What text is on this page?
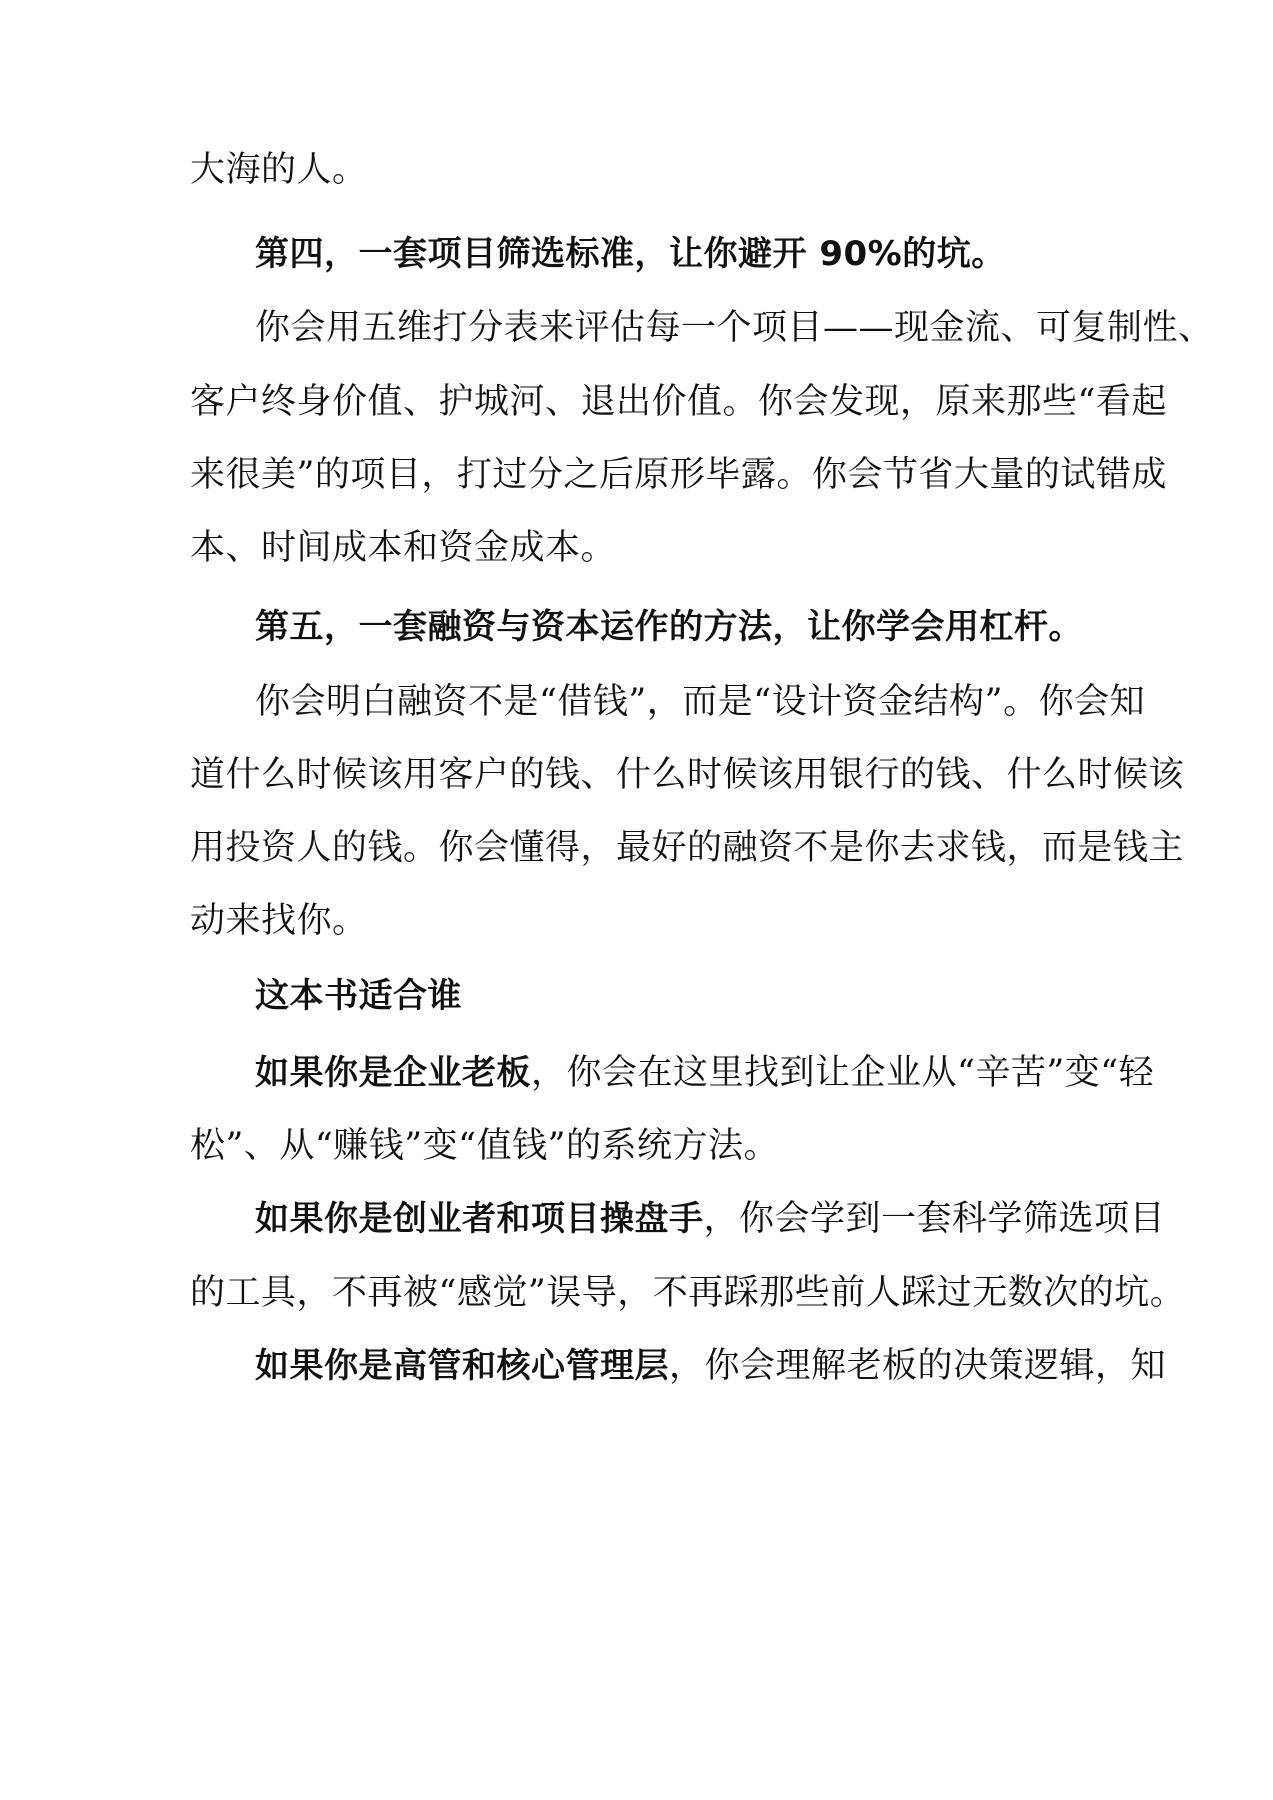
大海的人。
第四，一套项目筛选标准，让你避开 90%的坑。
你会用五维打分表来评估每一个项目——现金流、可复制性、
客户终身价值、护城河、退出价值。你会发现，原来那些“看起
来很美”的项目，打过分之后原形毕露。你会节省大量的试错成
本、时间成本和资金成本。
第五，一套融资与资本运作的方法，让你学会用杠杆。
你会明白融资不是“借钱”，而是“设计资金结构”。你会知
道什么时候该用客户的钱、什么时候该用银行的钱、什么时候该
用投资人的钱。你会懂得，最好的融资不是你去求钱，而是钱主
动来找你。
这本书适合谁
如果你是企业老板，你会在这里找到让企业从“辛苦”变“轻
松”、从“赚钱”变“值钱”的系统方法。
如果你是创业者和项目操盘手，你会学到一套科学筛选项目
的工具，不再被“感觉”误导，不再踩那些前人踩过无数次的坑。
如果你是高管和核心管理层，你会理解老板的决策逻辑，知
